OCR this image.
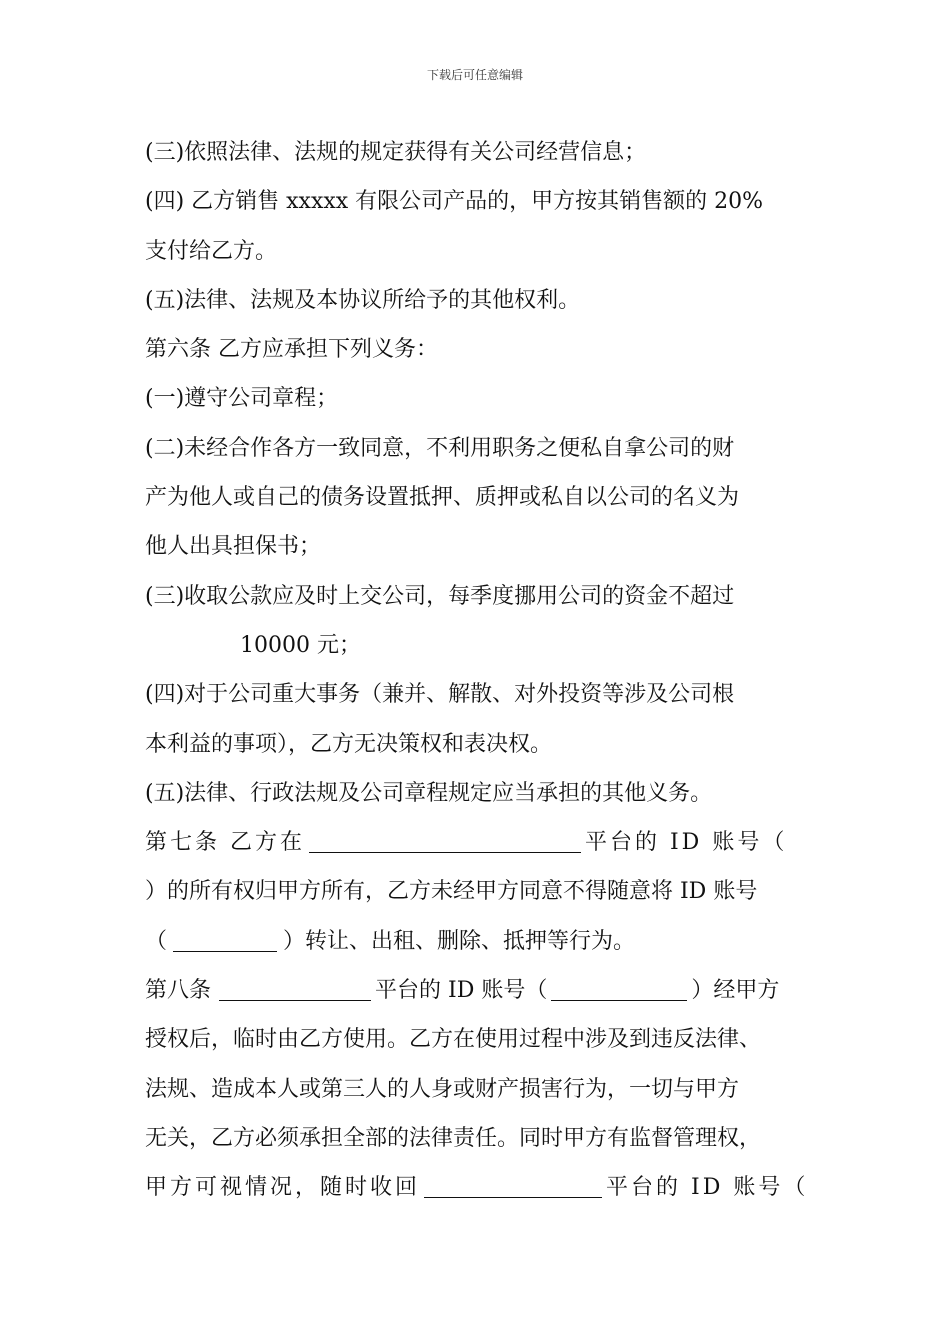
下载后可任意编辑
(三)依照法律、法规的规定获得有关公司经营信息；
(四) 乙方销售 xxxxx 有限公司产品的，甲方按其销售额的 20%
支付给乙方。
(五)法律、法规及本协议所给予的其他权利。
第六条 乙方应承担下列义务：
(一)遵守公司章程；
(二)未经合作各方一致同意，不利用职务之便私自拿公司的财
产为他人或自己的债务设置抵押、质押或私自以公司的名义为
他人出具担保书；
(三)收取公款应及时上交公司，每季度挪用公司的资金不超过
10000 元；
(四)对于公司重大事务（兼并、解散、对外投资等涉及公司根
本利益的事项），乙方无决策权和表决权。
(五)法律、行政法规及公司章程规定应当承担的其他义务。
第七条 乙方在	平台的 ID 账号（
）的所有权归甲方所有，乙方未经甲方同意不得随意将 ID 账号
（	）转让、出租、删除、抵押等行为。
第八条	平台的 ID 账号（	）经甲方
授权后，临时由乙方使用。乙方在使用过程中涉及到违反法律、
法规、造成本人或第三人的人身或财产损害行为，一切与甲方
无关，乙方必须承担全部的法律责任。同时甲方有监督管理权，
甲方可视情况，随时收回	平台的 ID 账号（
